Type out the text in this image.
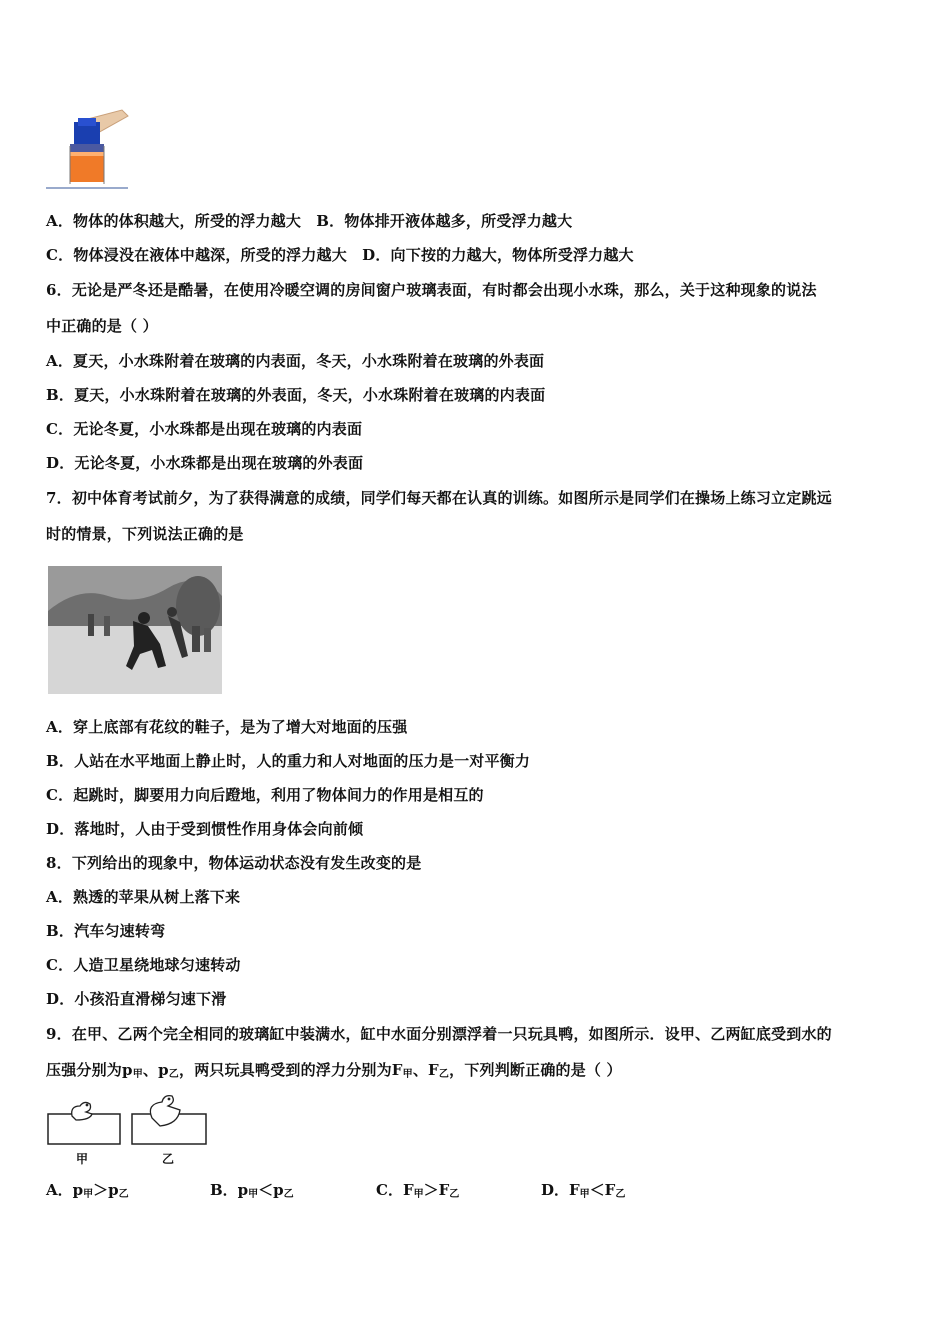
A．物体的体积越大，所受的浮力越大　B．物体排开液体越多，所受浮力越大
C．物体浸没在液体中越深，所受的浮力越大　D．向下按的力越大，物体所受浮力越大
6．无论是严冬还是酷暑，在使用冷暖空调的房间窗户玻璃表面，有时都会出现小水珠，那么，关于这种现象的说法
中正确的是（ ）
A．夏天，小水珠附着在玻璃的内表面，冬天，小水珠附着在玻璃的外表面
B．夏天，小水珠附着在玻璃的外表面，冬天，小水珠附着在玻璃的内表面
C．无论冬夏，小水珠都是出现在玻璃的内表面
D．无论冬夏，小水珠都是出现在玻璃的外表面
7．初中体育考试前夕，为了获得满意的成绩，同学们每天都在认真的训练。如图所示是同学们在操场上练习立定跳远
时的情景，下列说法正确的是
A．穿上底部有花纹的鞋子，是为了增大对地面的压强
B．人站在水平地面上静止时，人的重力和人对地面的压力是一对平衡力
C．起跳时，脚要用力向后蹬地，利用了物体间力的作用是相互的
D．落地时，人由于受到惯性作用身体会向前倾
8．下列给出的现象中，物体运动状态没有发生改变的是
A．熟透的苹果从树上落下来
B．汽车匀速转弯
C．人造卫星绕地球匀速转动
D．小孩沿直滑梯匀速下滑
9．在甲、乙两个完全相同的玻璃缸中装满水，缸中水面分别漂浮着一只玩具鸭，如图所示．设甲、乙两缸底受到水的
压强分别为$p_甲$、$p_乙$，两只玩具鸭受到的浮力分别为$F_甲$、$F_乙$，下列判断正确的是（ ）
甲	乙
A．$p_甲>p_乙$	B．$p_甲<p_乙$	C．$F_甲>F_乙$	D．$F_甲<F_乙$
